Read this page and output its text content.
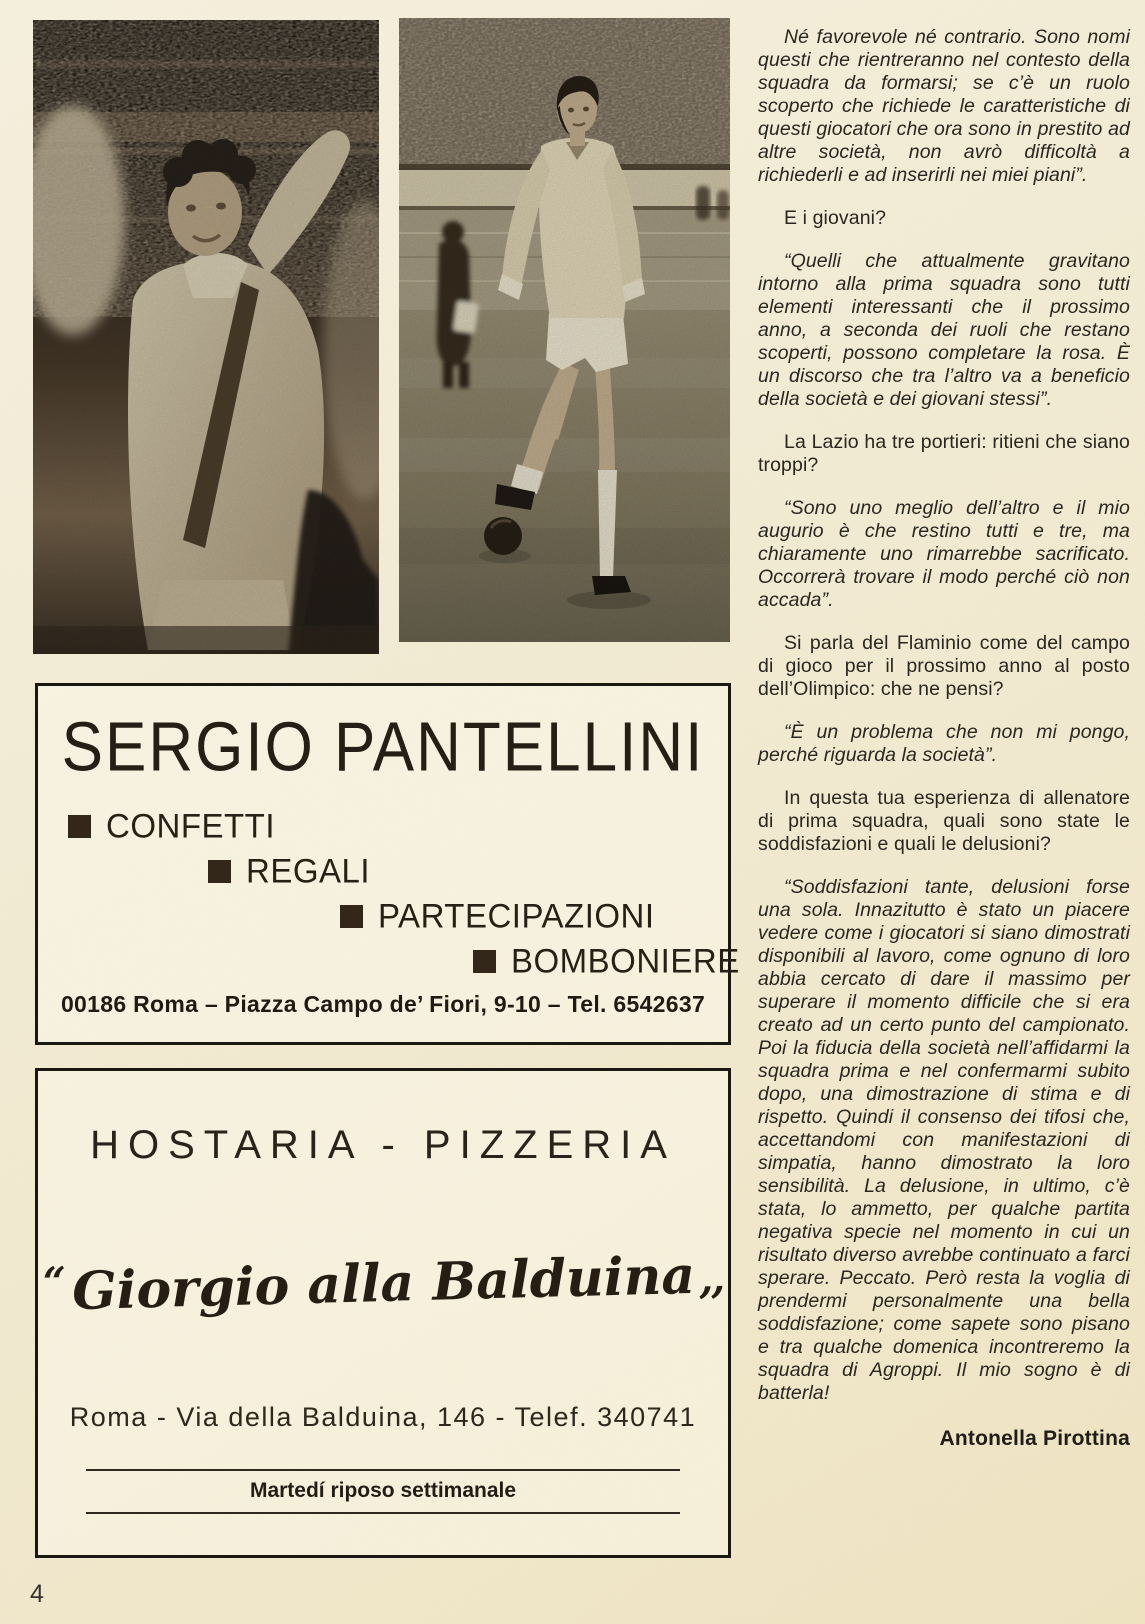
Né favorevole né contrario. Sono nomi questi che rientreranno nel contesto della squadra da formarsi; se c’è un ruolo scoperto che richiede le caratteristiche di questi giocatori che ora sono in prestito ad altre società, non avrò difficoltà a richiederli e ad inserirli nei miei piani”.

E i giovani?

“Quelli che attualmente gravitano intorno alla prima squadra sono tutti elementi interessanti che il prossimo anno, a seconda dei ruoli che restano scoperti, possono completare la rosa. È un discorso che tra l’altro va a beneficio della società e dei giovani stessi”.

La Lazio ha tre portieri: ritieni che siano troppi?

“Sono uno meglio dell’altro e il mio augurio è che restino tutti e tre, ma chiaramente uno rimarrebbe sacrificato. Occorrerà trovare il modo perché ciò non accada”.

Si parla del Flaminio come del campo di gioco per il prossimo anno al posto dell’Olimpico: che ne pensi?

“È un problema che non mi pongo, perché riguarda la società”.

In questa tua esperienza di allenatore di prima squadra, quali sono state le soddisfazioni e quali le delusioni?

“Soddisfazioni tante, delusioni forse una sola. Innazitutto è stato un piacere vedere come i giocatori si siano dimostrati disponibili al lavoro, come ognuno di loro abbia cercato di dare il massimo per superare il momento difficile che si era creato ad un certo punto del campionato. Poi la fiducia della società nell’affidarmi la squadra prima e nel confermarmi subito dopo, una dimostrazione di stima e di rispetto. Quindi il consenso dei tifosi che, accettandomi con manifestazioni di simpatia, hanno dimostrato la loro sensibilità. La delusione, in ultimo, c’è stata, lo ammetto, per qualche partita negativa specie nel momento in cui un risultato diverso avrebbe continuato a farci sperare. Peccato. Però resta la voglia di prendermi personalmente una bella soddisfazione; come sapete sono pisano e tra qualche domenica incontreremo la squadra di Agroppi. Il mio sogno è di batterla!

Antonella Pirottina
SERGIO PANTELLINI
CONFETTI
REGALI
PARTECIPAZIONI
BOMBONIERE
00186 Roma – Piazza Campo de’ Fiori, 9-10 – Tel. 6542637
HOSTARIA - PIZZERIA
“Giorgio alla Balduina,,
Roma - Via della Balduina, 146 - Telef. 340741
Martedí riposo settimanale
4
